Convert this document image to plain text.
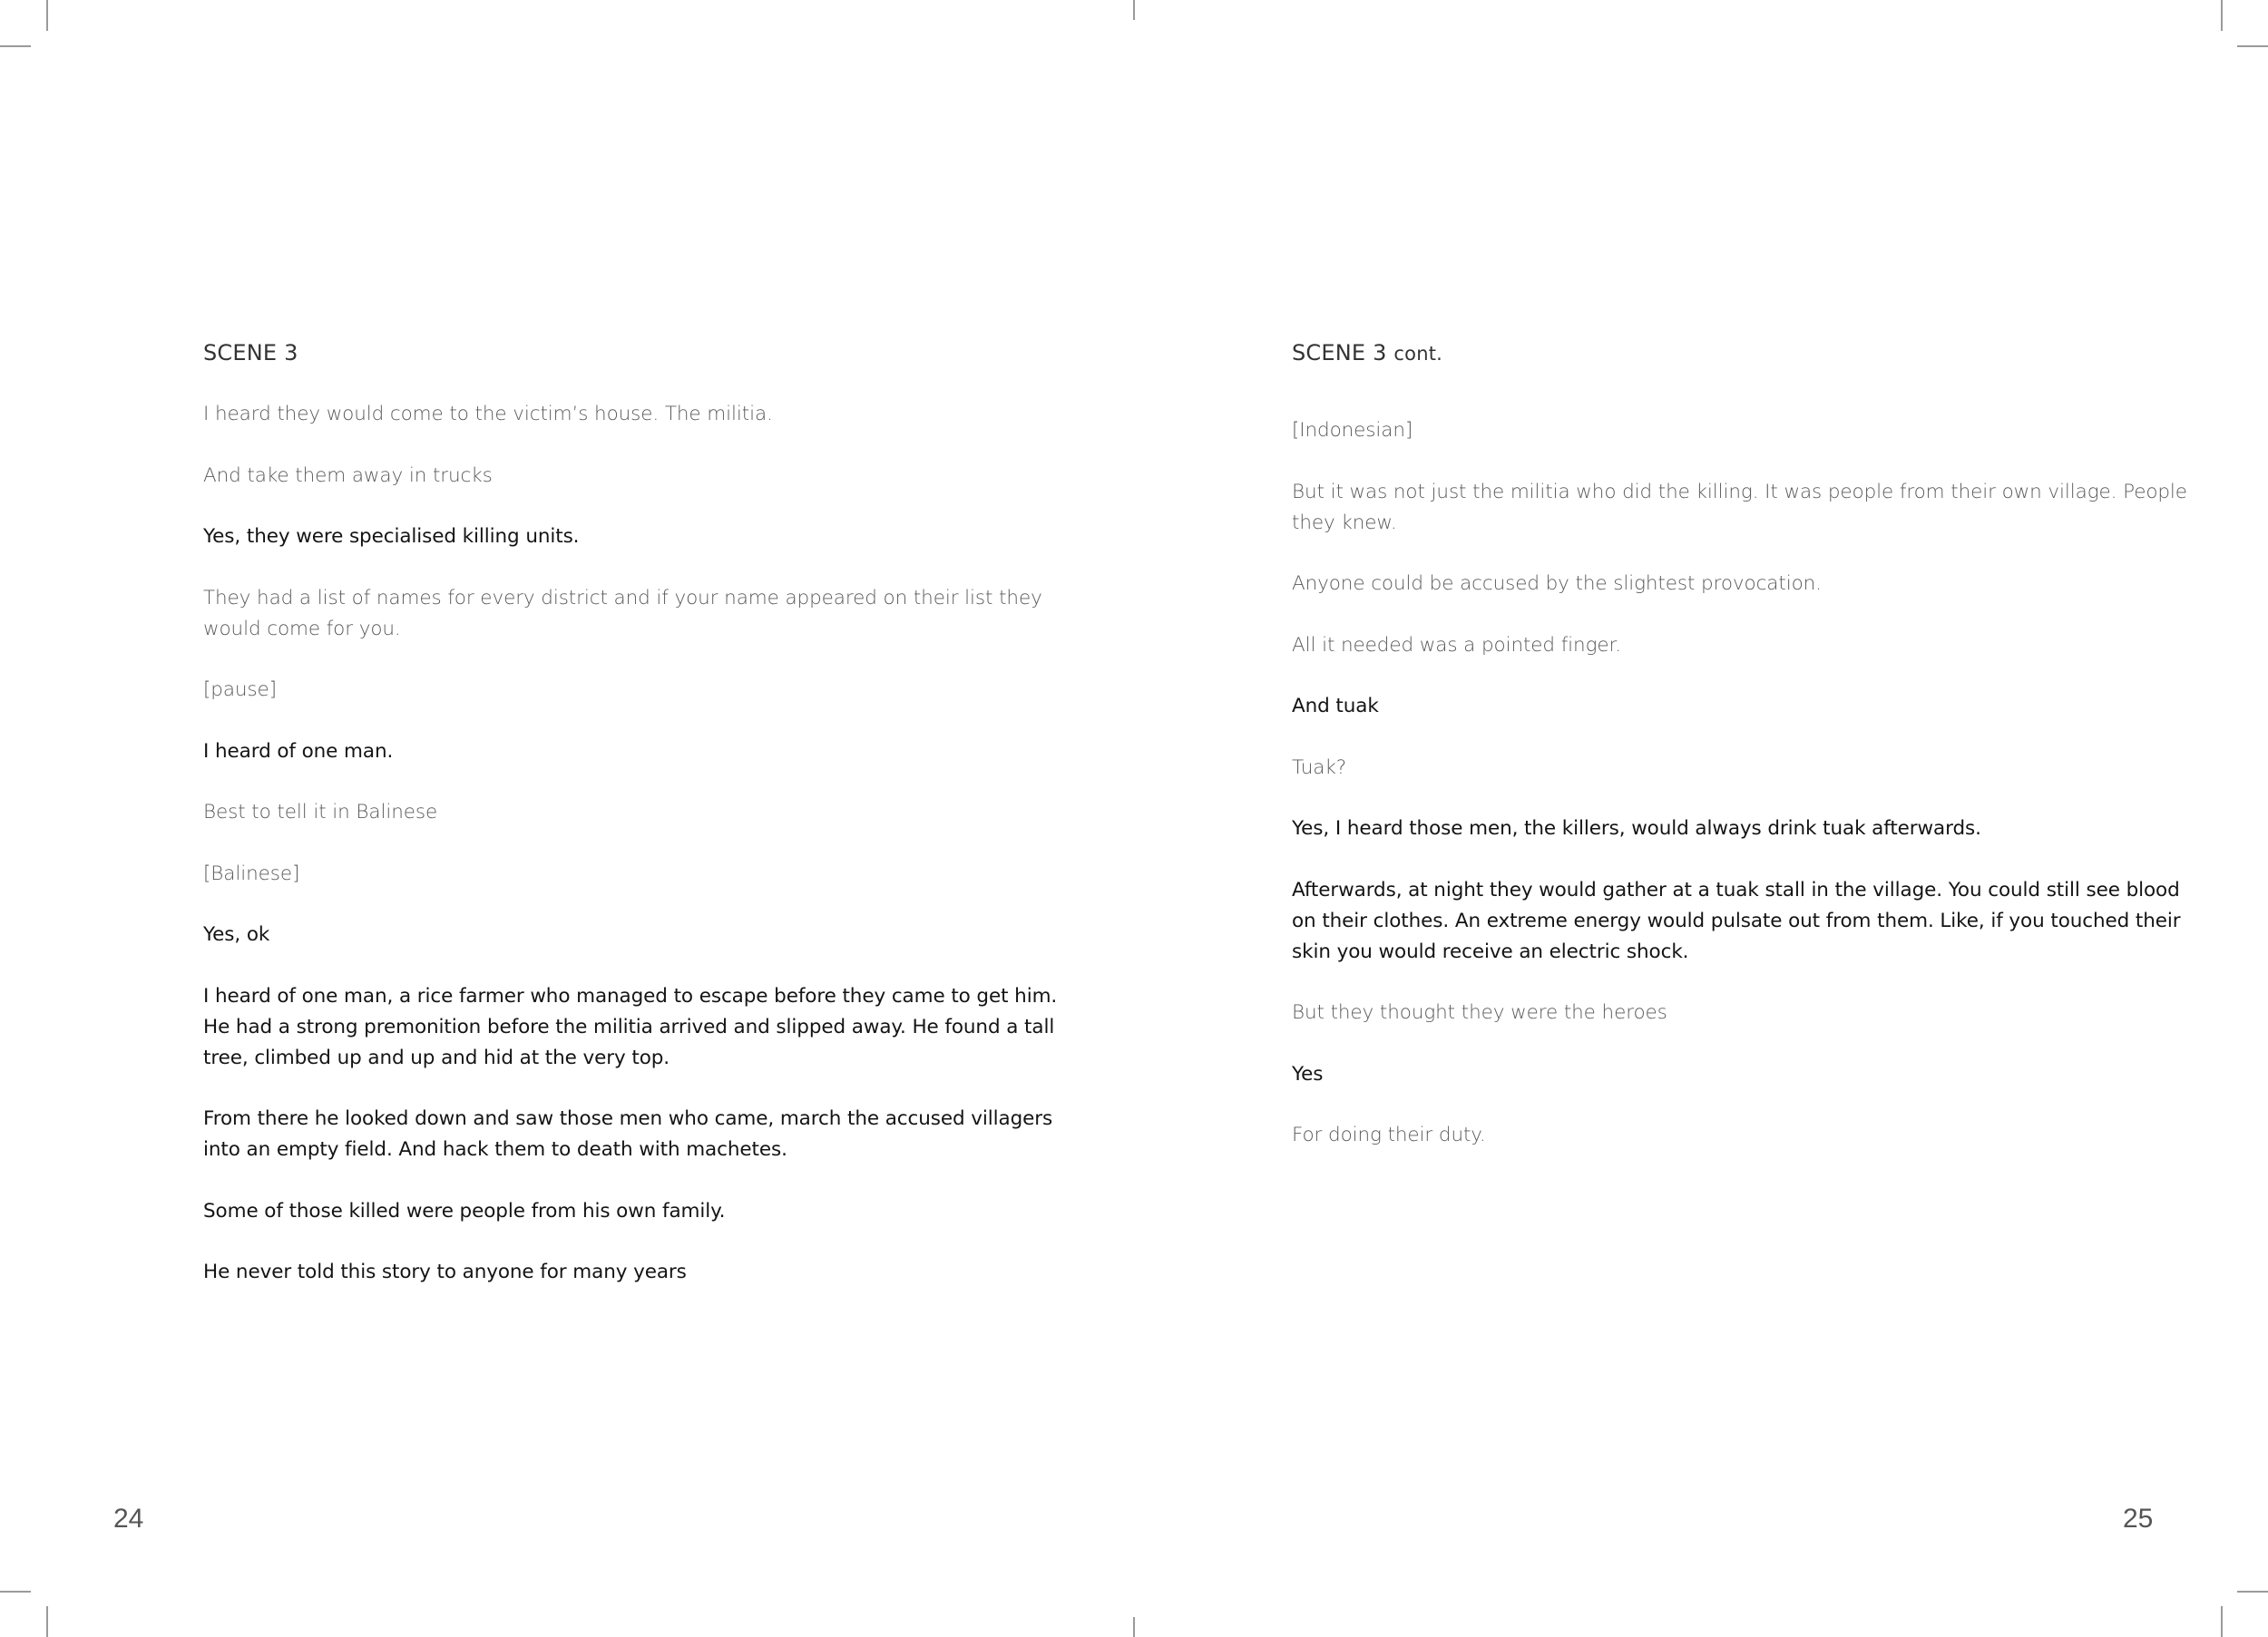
SCENE 3

I heard they would come to the victim’s house. The militia.

And take them away in trucks

Yes, they were specialised killing units.

They had a list of names for every district and if your name appeared on their list they would come for you.

[pause]

I heard of one man.

Best to tell it in Balinese

[Balinese]

Yes, ok

I heard of one man, a rice farmer who managed to escape before they came to get him. He had a strong premonition before the militia arrived and slipped away. He found a tall tree, climbed up and up and hid at the very top.

From there he looked down and saw those men who came, march the accused villagers into an empty field. And hack them to death with machetes.

Some of those killed were people from his own family.

He never told this story to anyone for many years

24
SCENE 3 cont.

[Indonesian]

But it was not just the militia who did the killing. It was people from their own village. People they knew.

Anyone could be accused by the slightest provocation.

All it needed was a pointed finger.

And tuak

Tuak?

Yes, I heard those men, the killers, would always drink tuak afterwards.

Afterwards, at night they would gather at a tuak stall in the village. You could still see blood on their clothes. An extreme energy would pulsate out from them. Like, if you touched their skin you would receive an electric shock.

But they thought they were the heroes

Yes

For doing their duty.

25
